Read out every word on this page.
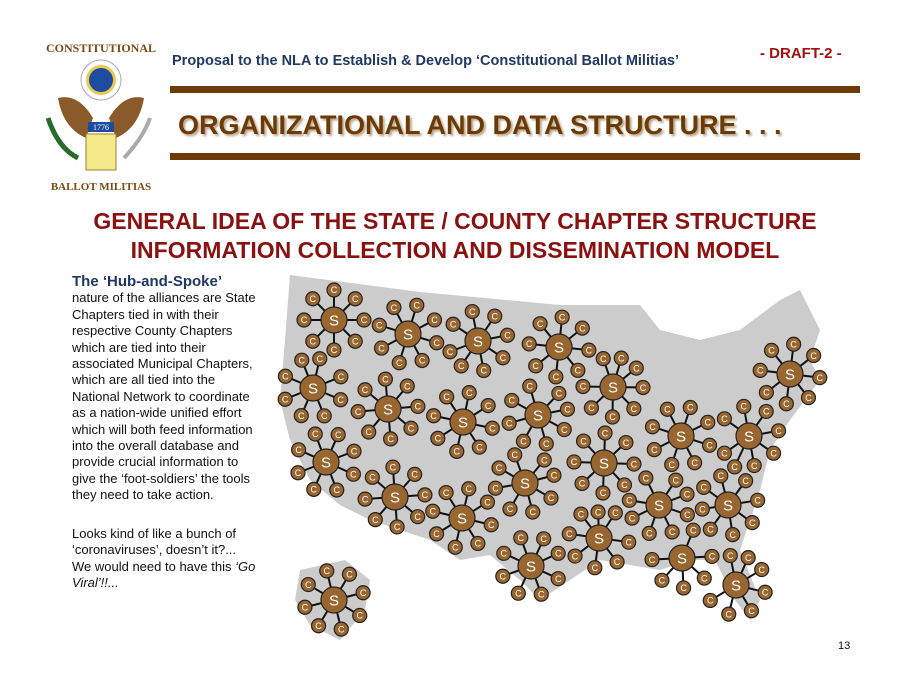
CONSTITUTIONAL
1776
BALLOT MILITIAS
Proposal to the NLA to Establish & Develop ‘Constitutional Ballot Militias’	- DRAFT-2 -
ORGANIZATIONAL AND DATA STRUCTURE . . .
GENERAL IDEA OF THE STATE / COUNTY CHAPTER STRUCTURE
INFORMATION COLLECTION AND DISSEMINATION MODEL
The ‘Hub-and-Spoke’
nature of the alliances are State Chapters tied in with their respective County Chapters which are tied into their associated Municipal Chapters, which are all tied into the National Network to coordinate as a nation-wide unified effort which will both feed information into the overall database and provide crucial information to give the ‘foot-soldiers’ the tools they need to take action.
Looks kind of like a bunch of ‘coronaviruses’, doesn’t it?... We would need to have this ‘Go Viral’!!...
C
C
C
C
C
C
C
C
C
C
C
C
C
C C
C
C
C
C
C
C
C C
C
C
C
C
C
C
C
C
C
C
C
C
C
C C
C
C
C
C
C
C
C
C
C
C
C
C
C
C C
C
C
C
C
C
C
C
C
C
C
C
C
C
C C
C
C
C
C
C
C
C C
C
C
C
C
C
C
C C
C
C
C
C
C
C
C
C
C
C
C
C
C
C C
C
C
C
C
C	C
C
C
C
C
C
C
C
C C
C
C
C
C
C
C
C
C
C
C
C
C
C
C
C
C
C
C
C
C
C
C
C
C
C
C
C
C
C
C	C
C
C
C
C
C
C
C
C
C
C
C
C
C
C C
C
C
C
C
C
C
C C
C
C
C
C
C
C
C
C
C
C
C C
C
C
C
C
C
C
C C
C
S
S	S	S
S
S
S	S
S
S	S
S
S
S
S
S
S
S	S
S
S	S
S
S
13
